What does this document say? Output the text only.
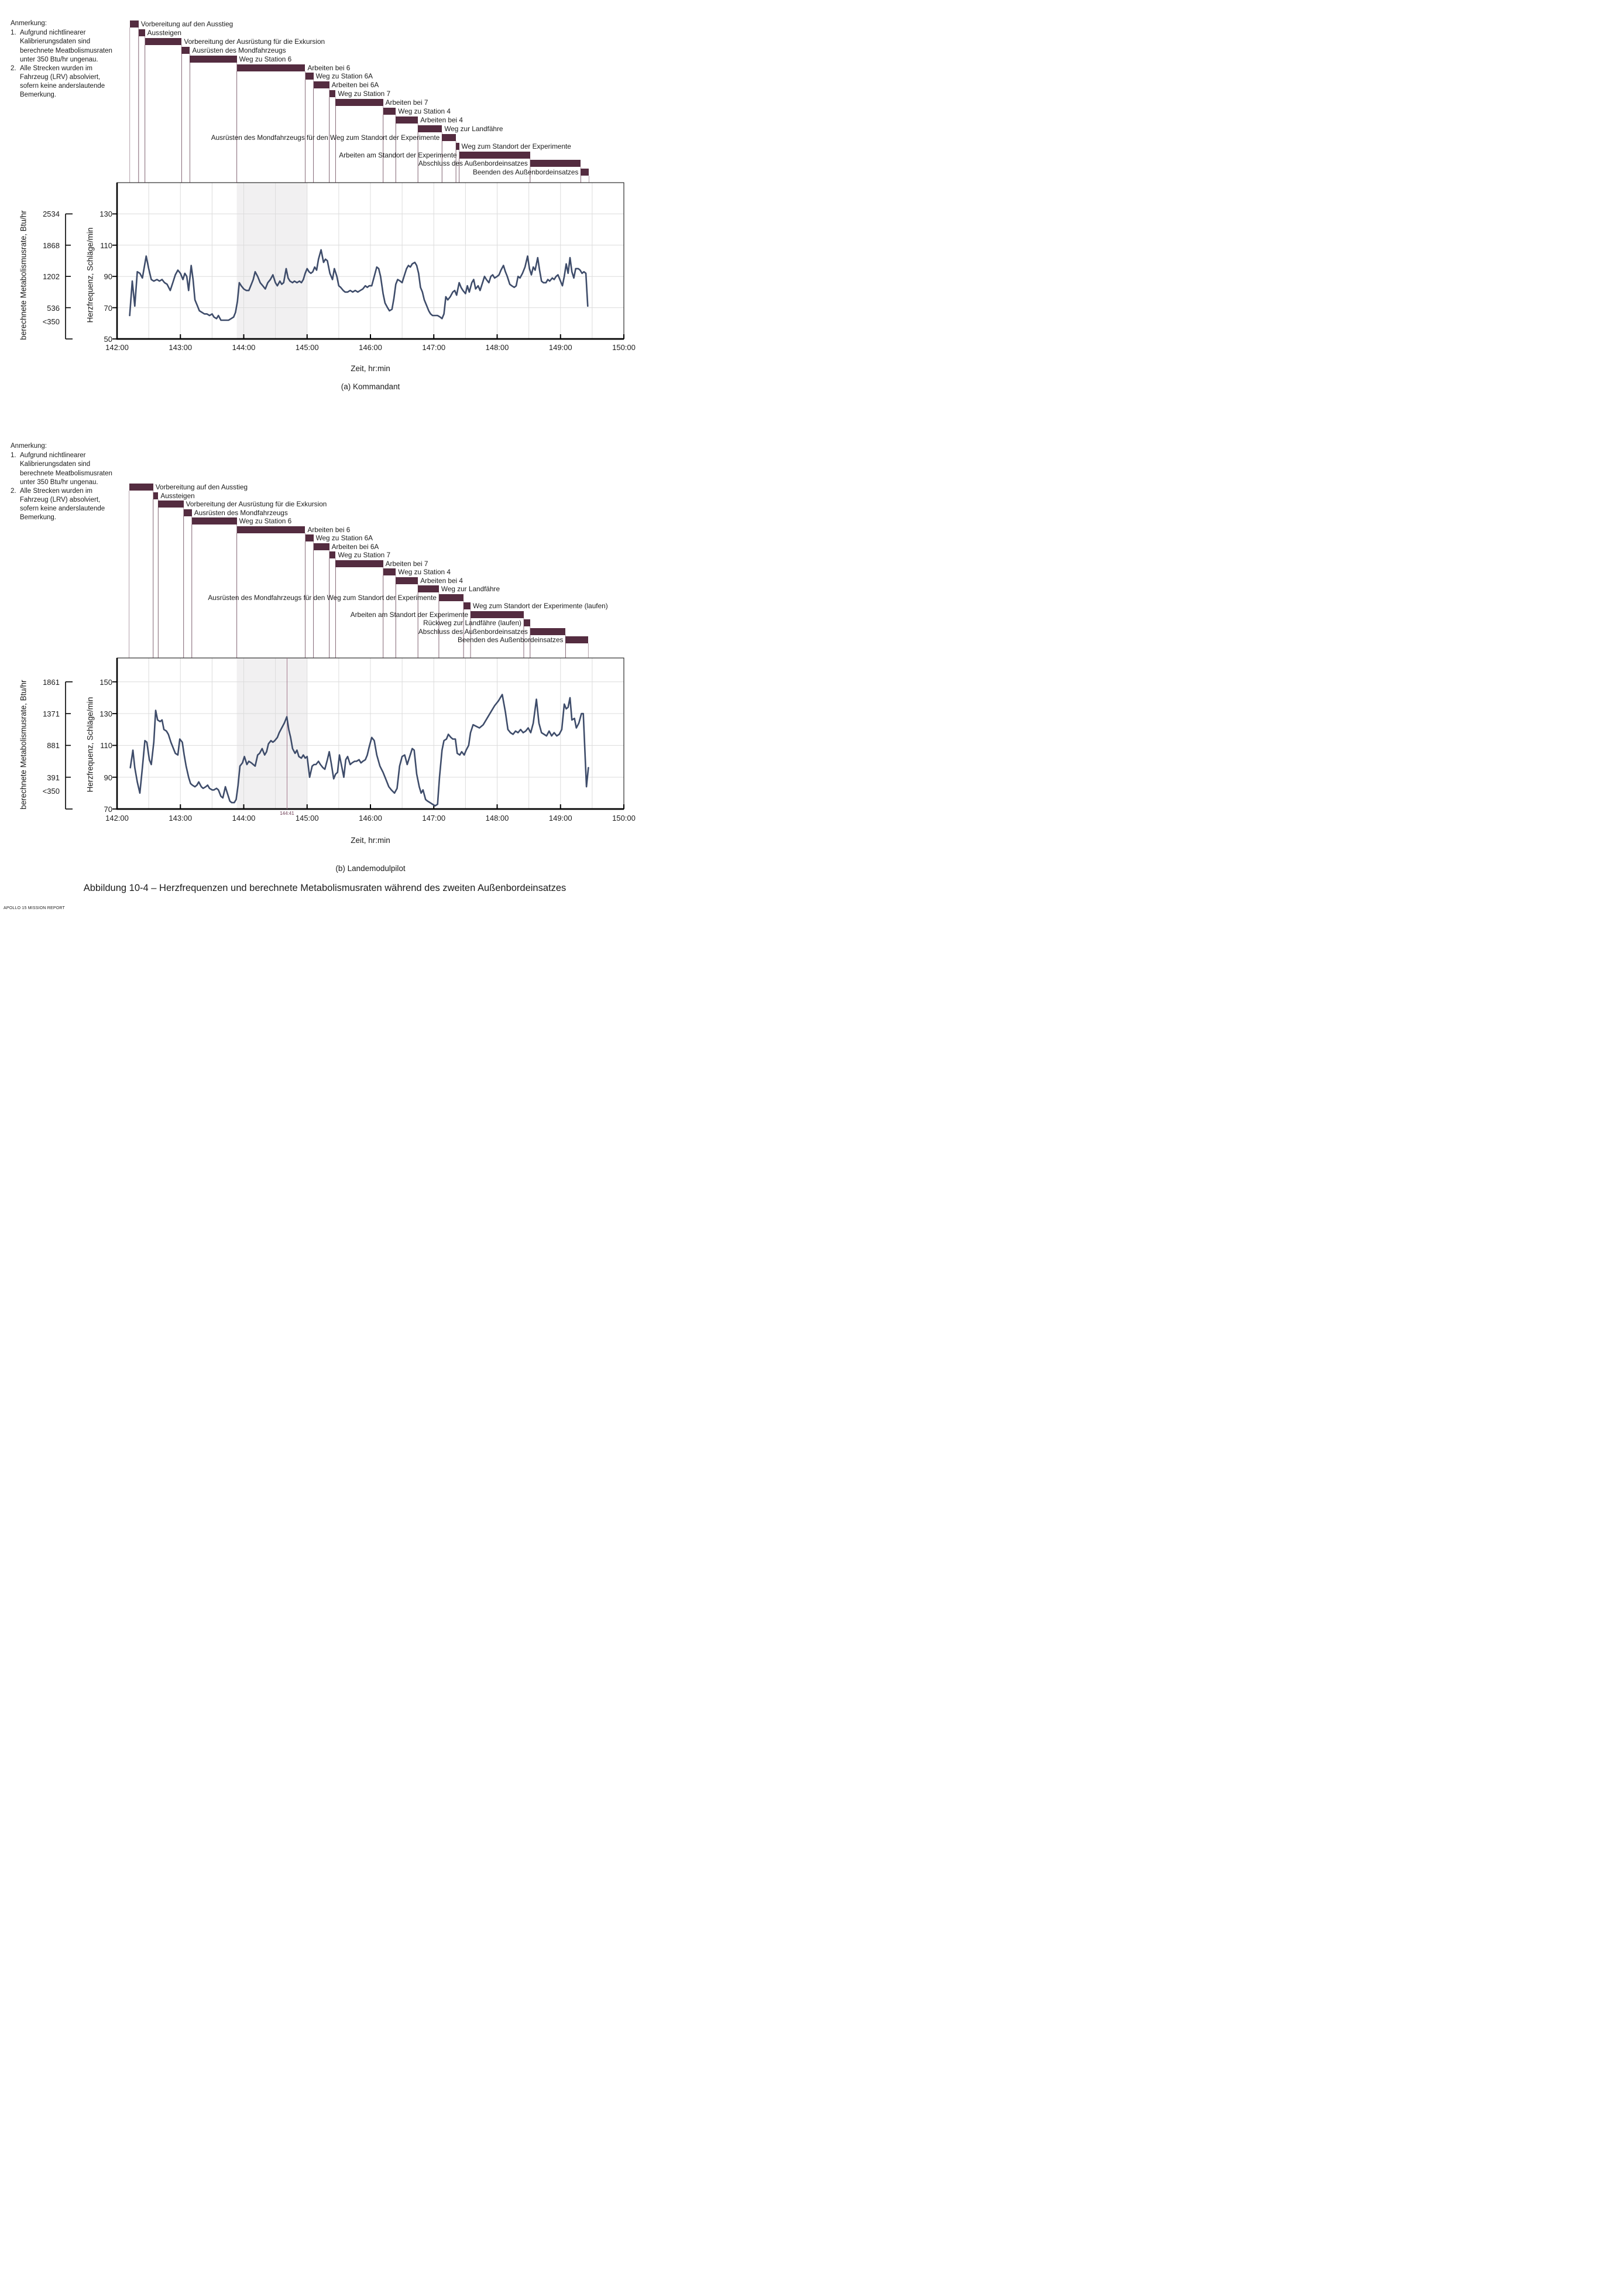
Anmerkung:
1. Aufgrund nichtlinearer Kalibrierungsdaten sind berechnete Meatbolismusraten unter 350 Btu/hr ungenau.
2. Alle Strecken wurden im Fahrzeug (LRV) absolviert, sofern keine anderslautende Bemerkung.
Anmerkung:
1. Aufgrund nichtlinearer Kalibrierungsdaten sind berechnete Meatbolismusraten unter 350 Btu/hr ungenau.
2. Alle Strecken wurden im Fahrzeug (LRV) absolviert, sofern keine anderslautende Bemerkung.
Vorbereitung auf den Ausstieg
Aussteigen
Vorbereitung der Ausrüstung für die Exkursion
Ausrüsten des Mondfahrzeugs
Weg zu Station 6
Arbeiten bei 6
Weg zu Station 6A
Arbeiten bei 6A
Weg zu Station 7
Arbeiten bei 7
Weg zu Station 4
Arbeiten bei 4
Weg zur Landfähre
Ausrüsten des Mondfahrzeugs für den Weg zum Standort der Experimente
Weg zum Standort der Experimente
Arbeiten am Standort der Experimente
Abschluss des Außenbordeinsatzes
Beenden des Außenbordeinsatzes
Vorbereitung auf den Ausstieg
Aussteigen
Vorbereitung der Ausrüstung für die Exkursion
Ausrüsten des Mondfahrzeugs
Weg zu Station 6
Arbeiten bei 6
Weg zu Station 6A
Arbeiten bei 6A
Weg zu Station 7
Arbeiten bei 7
Weg zu Station 4
Arbeiten bei 4
Weg zur Landfähre
Ausrüsten des Mondfahrzeugs für den Weg zum Standort der Experimente
Weg zum Standort der Experimente (laufen)
Arbeiten am Standort der Experimente
Rückweg zur Landfähre (laufen)
Abschluss des Außenbordeinsatzes
Beenden des Außenbordeinsatzes
142:00	143:00	144:00	145:00	146:00	147:00	148:00	149:00	150:00
130
110
90
70
50
2534
1868
1202
536
<350
142:00	143:00	144:00	145:00	146:00	147:00	148:00	149:00	150:00
150
130
110
90
70
1861
1371
881
391
<350
144:41
berechnete Metabolismusrate, Btu/hr	Herzfrequenz, Schläge/min
berechnete Metabolismusrate, Btu/hr	Herzfrequenz, Schläge/min
Zeit, hr:min
(a) Kommandant
Zeit, hr:min
(b) Landemodulpilot
Abbildung 10-4 – Herzfrequenzen und berechnete Metabolismusraten während des zweiten Außenbordeinsatzes
APOLLO 15 MISSION REPORT
